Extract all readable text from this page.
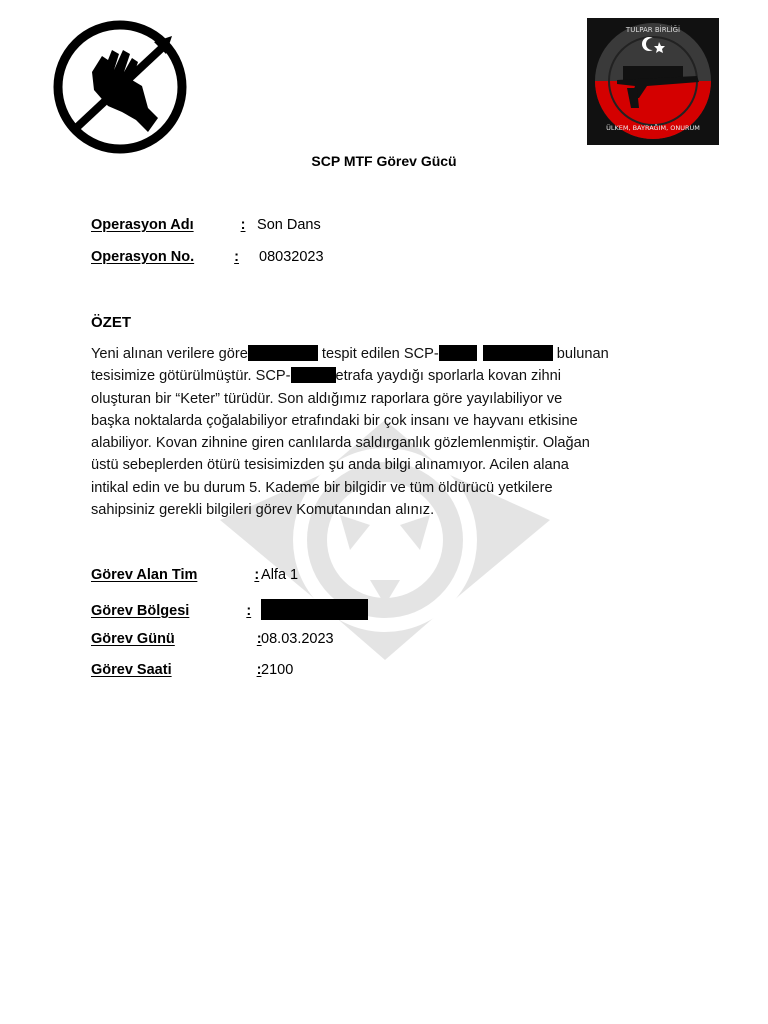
TULPAR BİRLİĞİ
ÜLKEM, BAYRAĞIM, ONURUM
SCP MTF Görev Gücü
Operasyon Adı	: Son Dans
Operasyon No.	: 08032023
ÖZET
Yeni alınan verilere göre	tespit edilen SCP-	bulunan
tesisimize götürülmüştür. SCP-	etrafa yaydığı sporlarla kovan zihni
oluşturan bir “Keter” türüdür. Son aldığımız raporlara göre yayılabiliyor ve
başka noktalarda çoğalabiliyor etrafındaki bir çok insanı ve hayvanı etkisine
alabiliyor. Kovan zihnine giren canlılarda saldırganlık gözlemlenmiştir. Olağan
üstü sebeplerden ötürü tesisimizden şu anda bilgi alınamıyor. Acilen alana
intikal edin ve bu durum 5. Kademe bir bilgidir ve tüm öldürücü yetkilere
sahipsiniz gerekli bilgileri görev Komutanından alınız.
Görev Alan Tim	: Alfa 1
Görev Bölgesi	:
Görev Günü	: 08.03.2023
Görev Saati	: 2100
